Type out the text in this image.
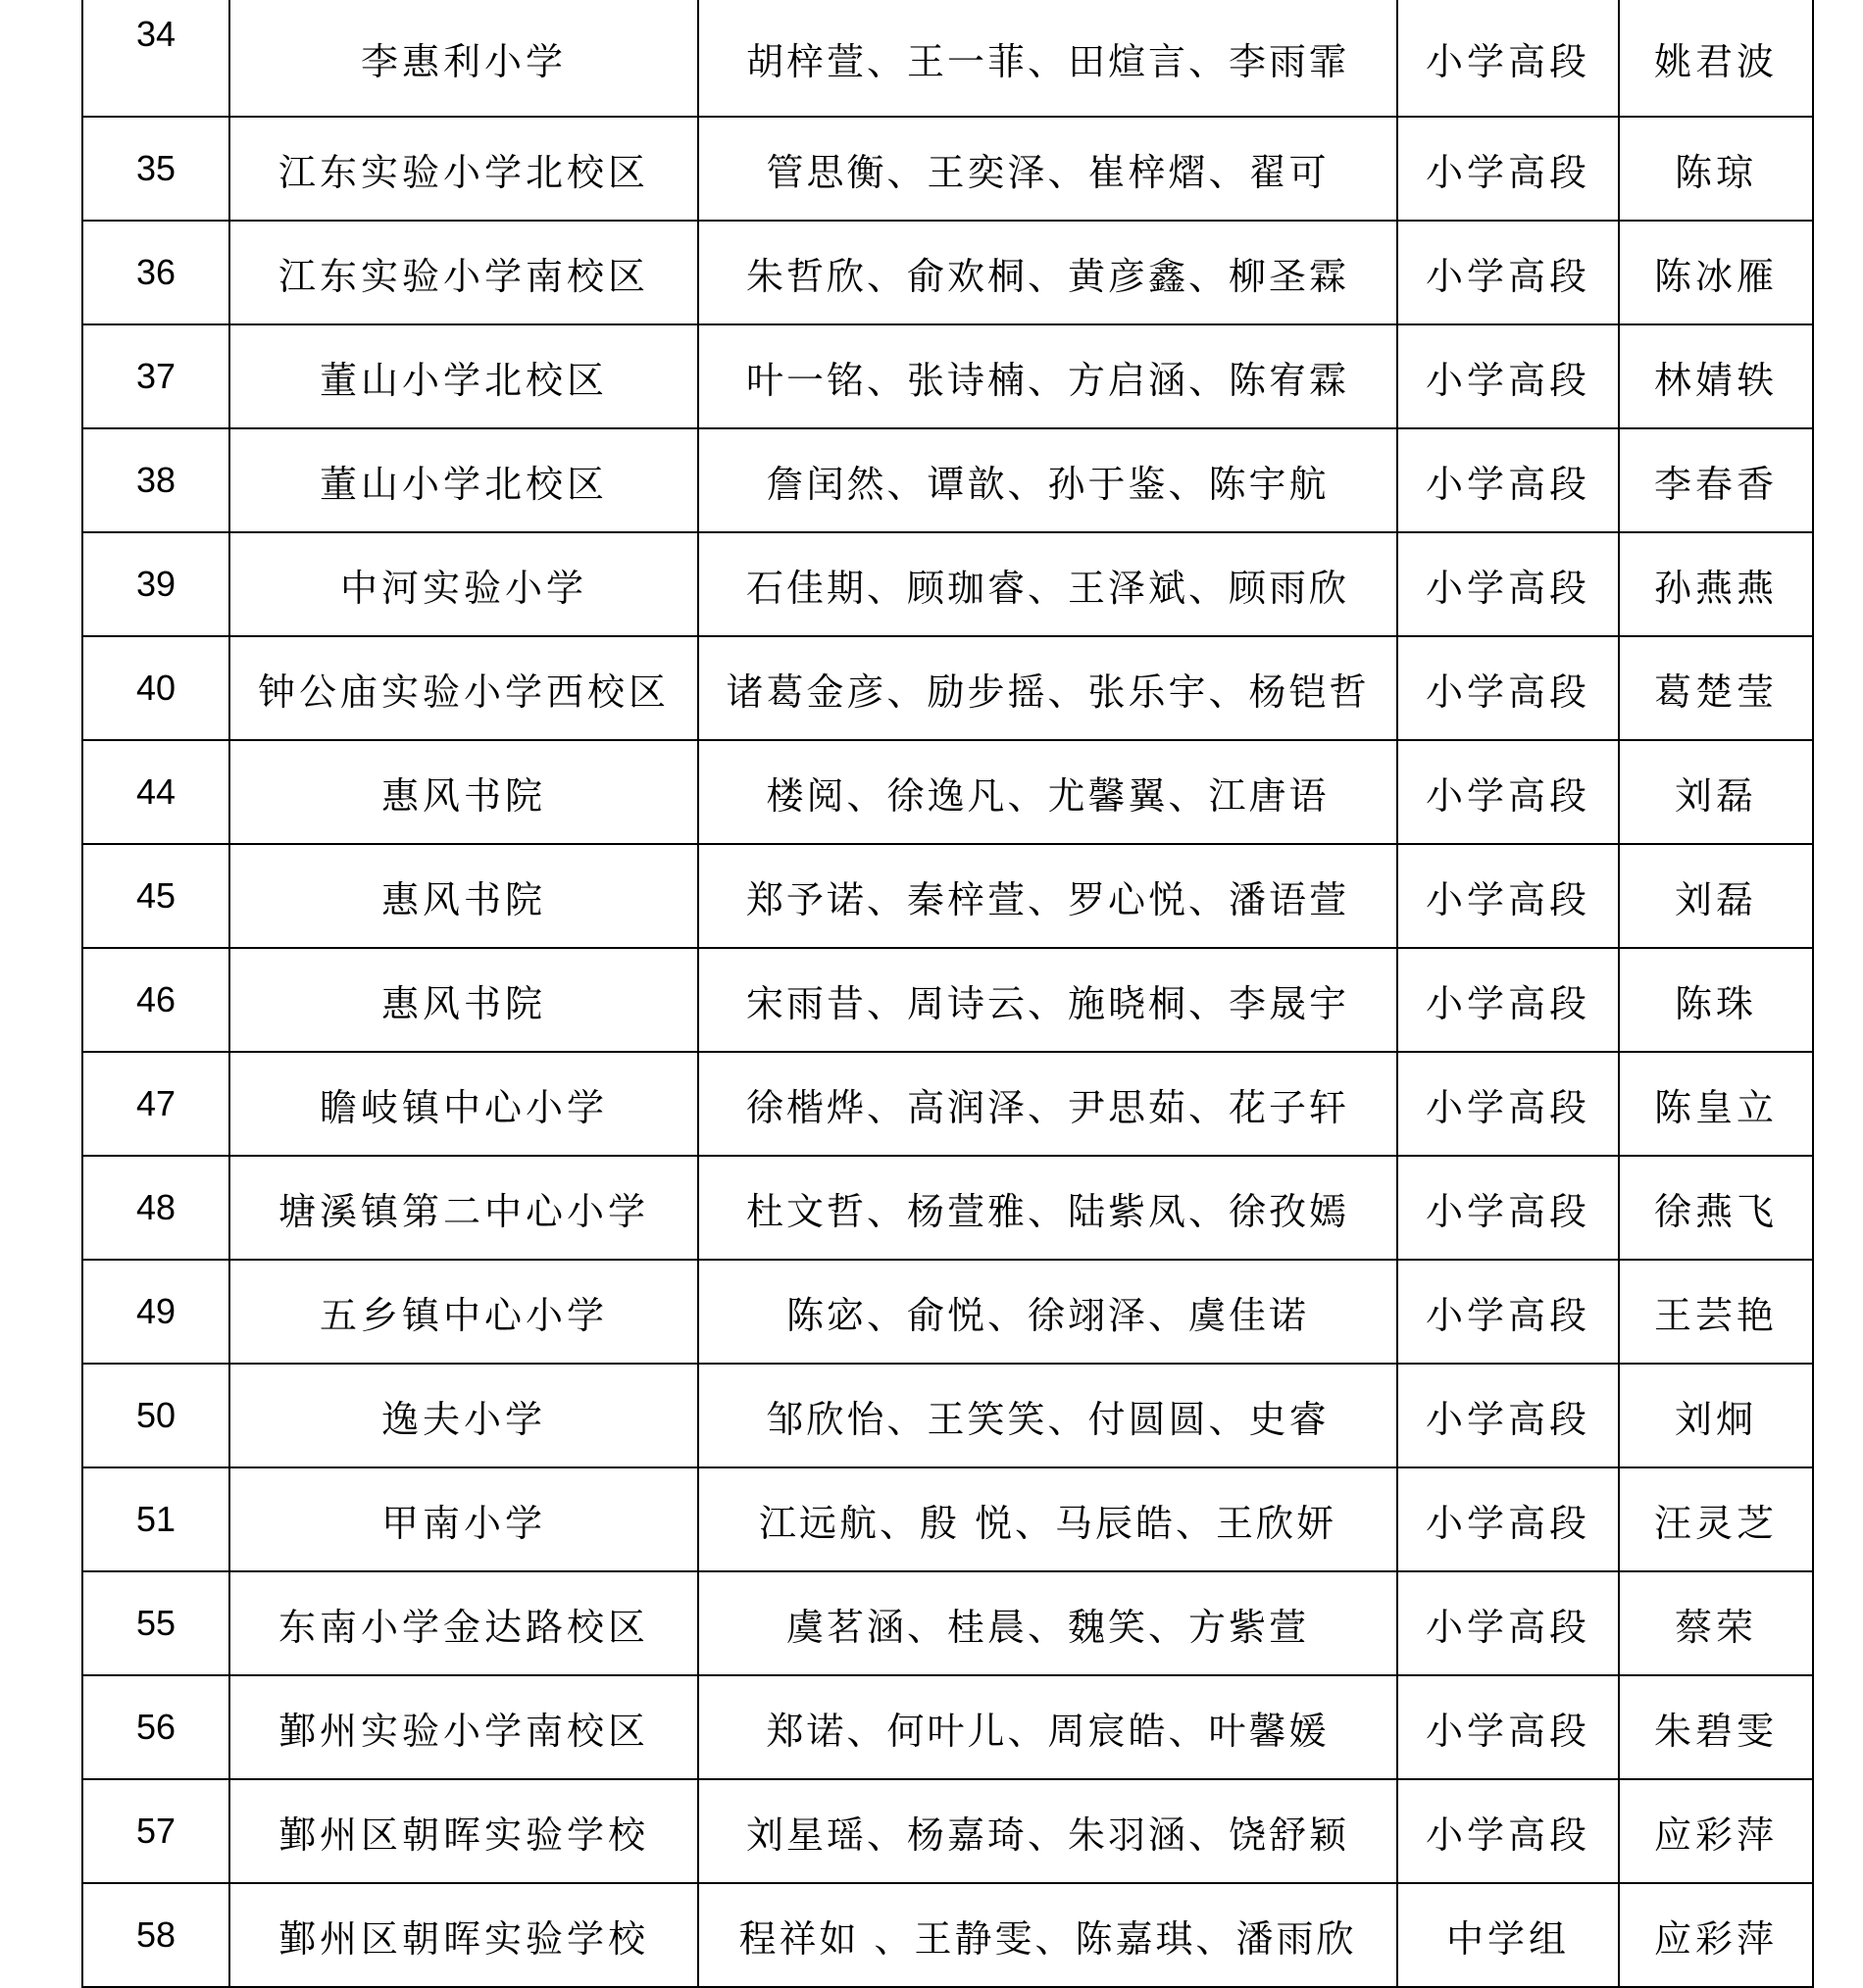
34	李惠利小学	胡梓萱、王一菲、田煊言、李雨霏	小学高段	姚君波
35	江东实验小学北校区	管思衡、王奕泽、崔梓熠、翟可	小学高段	陈琼
36	江东实验小学南校区	朱哲欣、俞欢桐、黄彦鑫、柳圣霖	小学高段	陈冰雁
37	董山小学北校区	叶一铭、张诗楠、方启涵、陈宥霖	小学高段	林婧轶
38	董山小学北校区	詹闰然、谭歆、孙于鉴、陈宇航	小学高段	李春香
39	中河实验小学	石佳期、顾珈睿、王泽斌、顾雨欣	小学高段	孙燕燕
40	钟公庙实验小学西校区	诸葛金彦、励步摇、张乐宇、杨铠哲	小学高段	葛楚莹
44	惠风书院	楼阅、徐逸凡、尤馨翼、江唐语	小学高段	刘磊
45	惠风书院	郑予诺、秦梓萱、罗心悦、潘语萱	小学高段	刘磊
46	惠风书院	宋雨昔、周诗云、施晓桐、李晟宇	小学高段	陈珠
47	瞻岐镇中心小学	徐楷烨、高润泽、尹思茹、花子轩	小学高段	陈皇立
48	塘溪镇第二中心小学	杜文哲、杨萱雅、陆紫凤、徐孜嫣	小学高段	徐燕飞
49	五乡镇中心小学	陈宓、俞悦、徐翊泽、虞佳诺	小学高段	王芸艳
50	逸夫小学	邹欣怡、王笑笑、付圆圆、史睿	小学高段	刘炯
51	甲南小学	江远航、殷 悦、马辰皓、王欣妍	小学高段	汪灵芝
55	东南小学金达路校区	虞茗涵、桂晨、魏笑、方紫萱	小学高段	蔡荣
56	鄞州实验小学南校区	郑诺、何叶儿、周宸皓、叶馨媛	小学高段	朱碧雯
57	鄞州区朝晖实验学校	刘星瑶、杨嘉琦、朱羽涵、饶舒颖	小学高段	应彩萍
58	鄞州区朝晖实验学校	程祥如 、王静雯、陈嘉琪、潘雨欣	中学组	应彩萍
